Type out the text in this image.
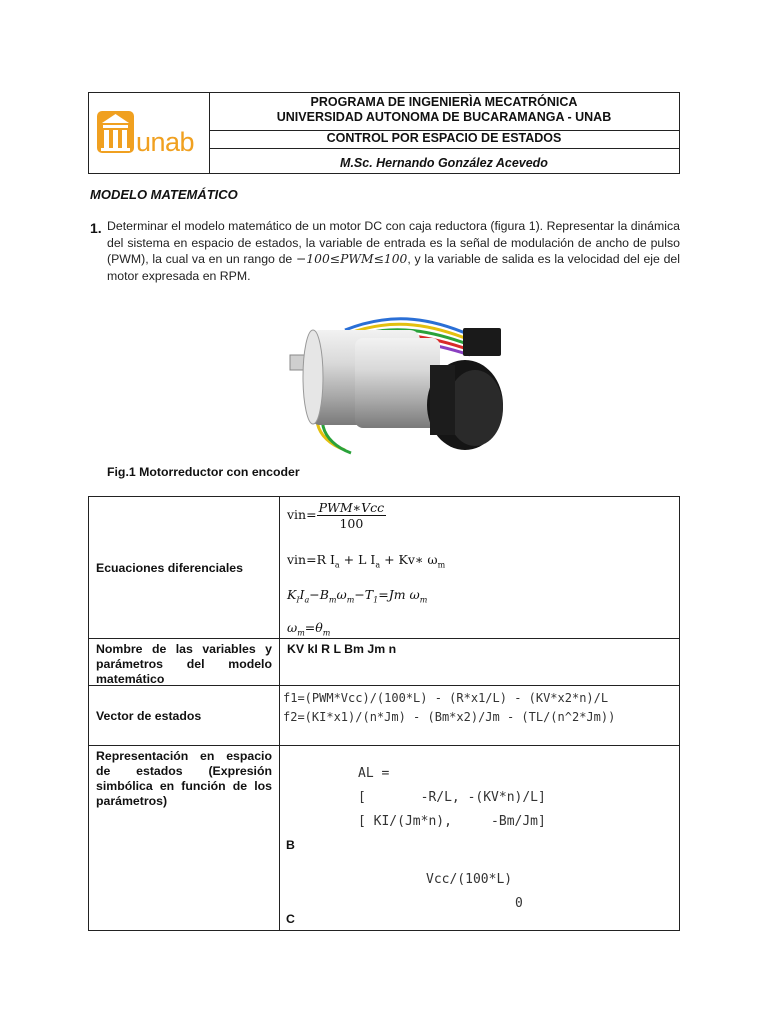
unab
PROGRAMA DE INGENIERÌA MECATRÓNICA
UNIVERSIDAD AUTONOMA DE BUCARAMANGA - UNAB
CONTROL POR ESPACIO DE ESTADOS
M.Sc. Hernando González Acevedo
MODELO MATEMÁTICO
1. Determinar el modelo matemático de un motor DC con caja reductora (figura 1). Representar la dinámica del sistema en espacio de estados, la variable de entrada es la señal de modulación de ancho de pulso (PWM), la cual va en un rango de −100≤PWM≤100, y la variable de salida es la velocidad del eje del motor expresada en RPM.
Fig.1 Motorreductor con encoder
Ecuaciones diferenciales
$vin= \frac{\text{PWM∗Vcc}}{100}$
vin=R $I_a + L$ $I_a$ + Kv∗ $\omega_m$
$K_II_a-B_m\omega_m-T_1=Jm$ $\omega_m$
$\omega_m=\theta_m$
Nombre de las variables y parámetros del modelo matemático
KV kI R L Bm Jm n
Vector de estados
f1=(PWM*Vcc)/(100*L) - (R*x1/L) - (KV*x2*n)/L
f2=(KI*x1)/(n*Jm) - (Bm*x2)/Jm - (TL/(n^2*Jm))
Representación en espacio de estados (Expresión simbólica en función de los parámetros)
AL =
[       -R/L, -(KV*n)/L]
[ KI/(Jm*n),     -Bm/Jm]
B
Vcc/(100*L)
0
C
